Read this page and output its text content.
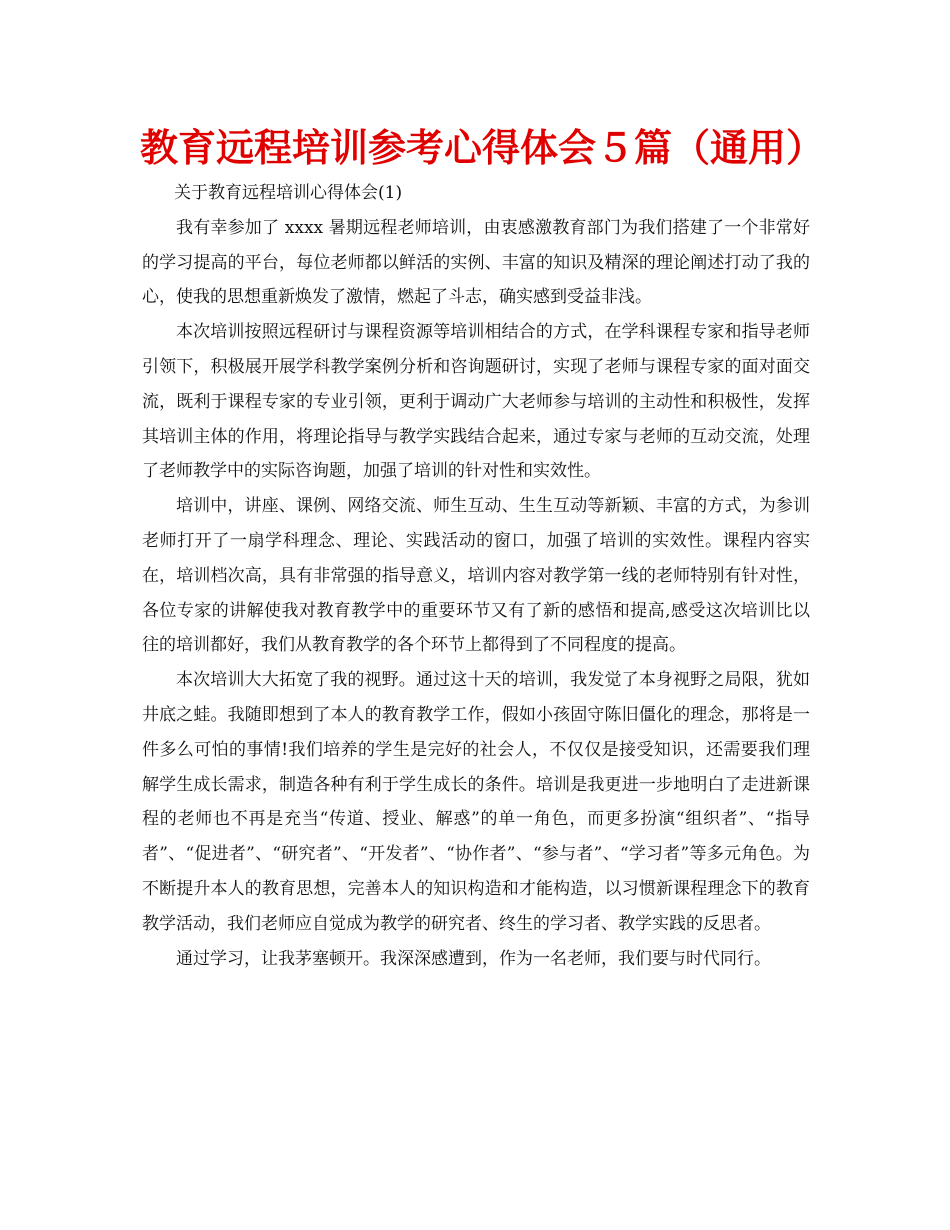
教育远程培训参考心得体会５篇（通用）

关于教育远程培训心得体会(1)

我有幸参加了 xxxx 暑期远程老师培训，由衷感激教育部门为我们搭建了一个非常好的学习提高的平台，每位老师都以鲜活的实例、丰富的知识及精深的理论阐述打动了我的心，使我的思想重新焕发了激情，燃起了斗志，确实感到受益非浅。

本次培训按照远程研讨与课程资源等培训相结合的方式，在学科课程专家和指导老师引领下，积极展开展学科教学案例分析和咨询题研讨，实现了老师与课程专家的面对面交流，既利于课程专家的专业引领，更利于调动广大老师参与培训的主动性和积极性，发挥其培训主体的作用，将理论指导与教学实践结合起来，通过专家与老师的互动交流，处理了老师教学中的实际咨询题，加强了培训的针对性和实效性。

培训中，讲座、课例、网络交流、师生互动、生生互动等新颖、丰富的方式，为参训老师打开了一扇学科理念、理论、实践活动的窗口，加强了培训的实效性。课程内容实在，培训档次高，具有非常强的指导意义，培训内容对教学第一线的老师特别有针对性，各位专家的讲解使我对教育教学中的重要环节又有了新的感悟和提高,感受这次培训比以往的培训都好，我们从教育教学的各个环节上都得到了不同程度的提高。

本次培训大大拓宽了我的视野。通过这十天的培训，我发觉了本身视野之局限，犹如井底之蛙。我随即想到了本人的教育教学工作，假如小孩固守陈旧僵化的理念，那将是一件多么可怕的事情!我们培养的学生是完好的社会人，不仅仅是接受知识，还需要我们理解学生成长需求，制造各种有利于学生成长的条件。培训是我更进一步地明白了走进新课程的老师也不再是充当“传道、授业、解惑”的单一角色，而更多扮演“组织者”、“指导者”、“促进者”、“研究者”、“开发者”、“协作者”、“参与者”、“学习者”等多元角色。为不断提升本人的教育思想，完善本人的知识构造和才能构造，以习惯新课程理念下的教育教学活动，我们老师应自觉成为教学的研究者、终生的学习者、教学实践的反思者。

通过学习，让我茅塞顿开。我深深感遭到，作为一名老师，我们要与时代同行。
